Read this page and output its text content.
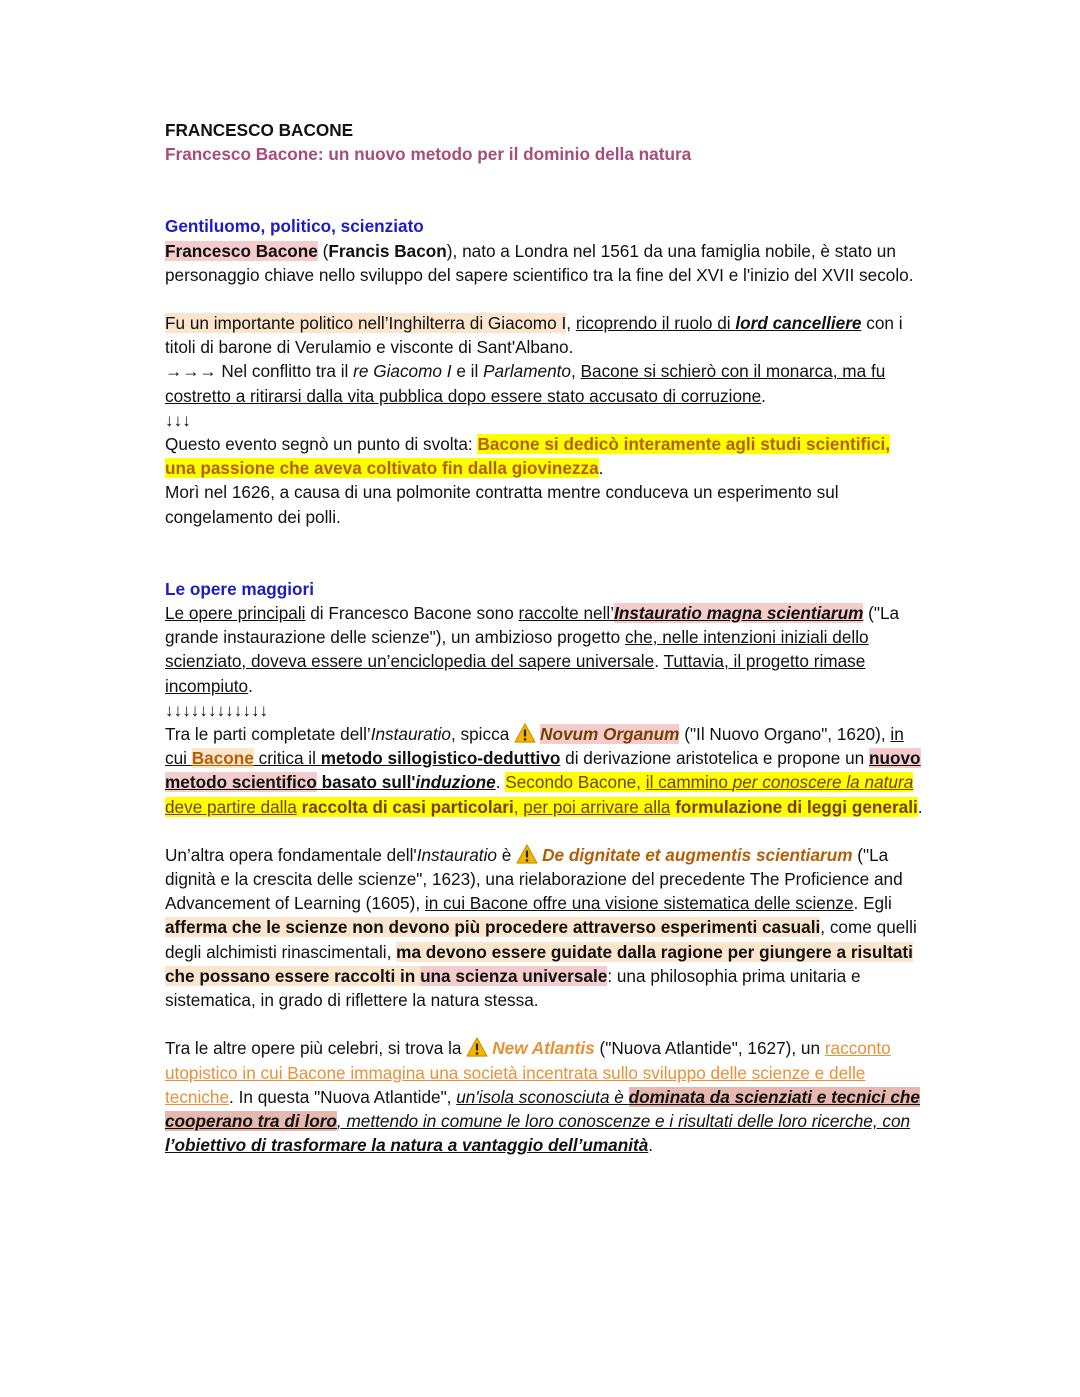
FRANCESCO BACONE

Francesco Bacone: un nuovo metodo per il dominio della natura

Gentiluomo, politico, scienziato

Francesco Bacone (Francis Bacon), nato a Londra nel 1561 da una famiglia nobile, è stato un personaggio chiave nello sviluppo del sapere scientifico tra la fine del XVI e l'inizio del XVII secolo.

Fu un importante politico nell’Inghilterra di Giacomo I, ricoprendo il ruolo di lord cancelliere con i titoli di barone di Verulamio e visconte di Sant'Albano.

→→→ Nel conflitto tra il re Giacomo I e il Parlamento, Bacone si schierò con il monarca, ma fu costretto a ritirarsi dalla vita pubblica dopo essere stato accusato di corruzione.

↓↓↓

Questo evento segnò un punto di svolta: Bacone si dedicò interamente agli studi scientifici, una passione che aveva coltivato fin dalla giovinezza.

Morì nel 1626, a causa di una polmonite contratta mentre conduceva un esperimento sul congelamento dei polli.

Le opere maggiori

Le opere principali di Francesco Bacone sono raccolte nell’Instauratio magna scientiarum ("La grande instaurazione delle scienze"), un ambizioso progetto che, nelle intenzioni iniziali dello scienziato, doveva essere un’enciclopedia del sapere universale. Tuttavia, il progetto rimase incompiuto.

↓↓↓↓↓↓↓↓↓↓↓↓

Tra le parti completate dell’Instauratio, spicca Novum Organum ("Il Nuovo Organo", 1620), in cui Bacone critica il metodo sillogistico-deduttivo di derivazione aristotelica e propone un nuovo metodo scientifico basato sull'induzione. Secondo Bacone, il cammino per conoscere la natura deve partire dalla raccolta di casi particolari, per poi arrivare alla formulazione di leggi generali.

Un’altra opera fondamentale dell'Instauratio è De dignitate et augmentis scientiarum ("La dignità e la crescita delle scienze", 1623), una rielaborazione del precedente The Proficience and Advancement of Learning (1605), in cui Bacone offre una visione sistematica delle scienze. Egli afferma che le scienze non devono più procedere attraverso esperimenti casuali, come quelli degli alchimisti rinascimentali, ma devono essere guidate dalla ragione per giungere a risultati che possano essere raccolti in una scienza universale: una philosophia prima unitaria e sistematica, in grado di riflettere la natura stessa.

Tra le altre opere più celebri, si trova la New Atlantis ("Nuova Atlantide", 1627), un racconto utopistico in cui Bacone immagina una società incentrata sullo sviluppo delle scienze e delle tecniche. In questa "Nuova Atlantide", un'isola sconosciuta è dominata da scienziati e tecnici che cooperano tra di loro, mettendo in comune le loro conoscenze e i risultati delle loro ricerche, con l’obiettivo di trasformare la natura a vantaggio dell’umanità.
